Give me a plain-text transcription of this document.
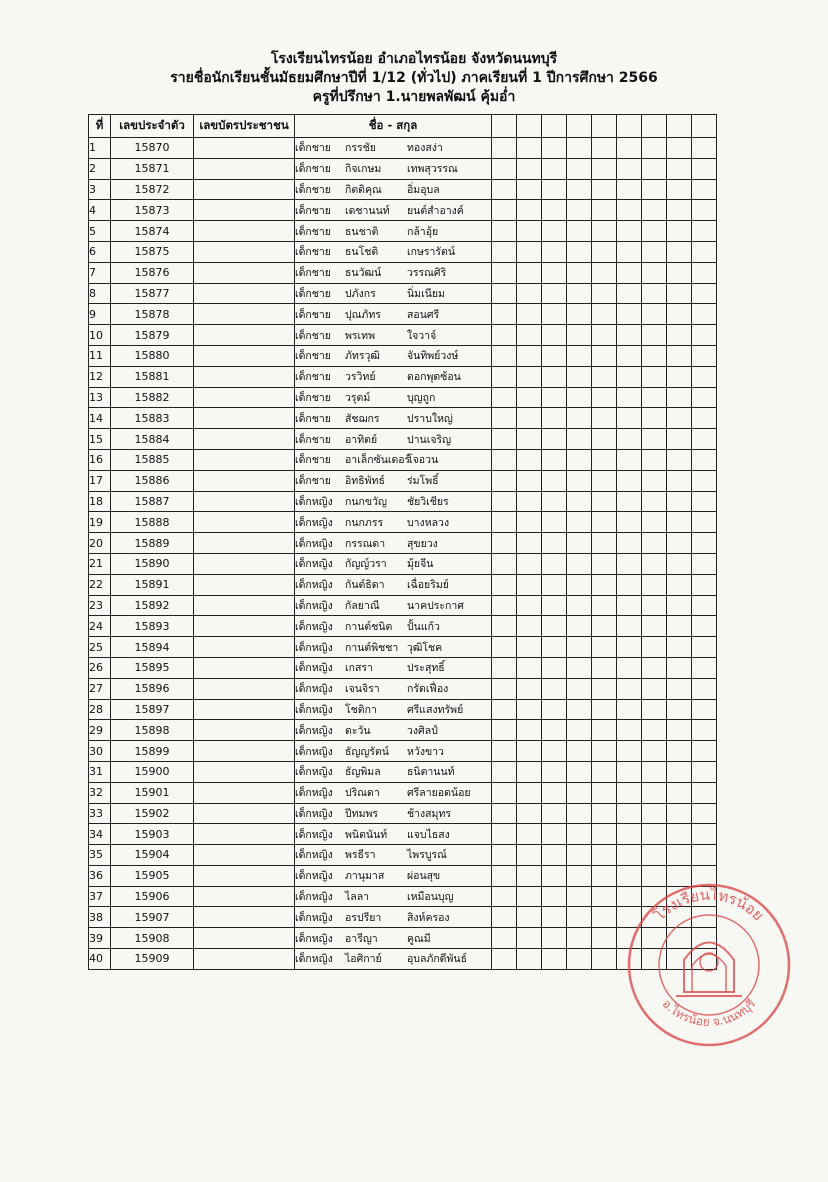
โรงเรียนไทรน้อย อำเภอไทรน้อย จังหวัดนนทบุรี
รายชื่อนักเรียนชั้นมัธยมศึกษาปีที่ 1/12 (ทั่วไป) ภาคเรียนที่ 1 ปีการศึกษา 2566
ครูที่ปรึกษา 1.นายพลพัฒน์ คุ้มอ่ำ
ที่	เลขประจำตัว	เลขบัตรประชาชน	ชื่อ - สกุล									
1	15870		เด็กชาย กรรชัย ทองสง่า									
2	15871		เด็กชาย กิจเกษม เทพสุวรรณ									
3	15872		เด็กชาย กิตติคุณ อิ่มอุบล									
4	15873		เด็กชาย เดชานนท์ ยนต์สำอางค์									
5	15874		เด็กชาย ธนชาติ กล้าอุ้ย									
6	15875		เด็กชาย ธนโชติ เกษรารัตน์									
7	15876		เด็กชาย ธนวัฒน์ วรรณศิริ									
8	15877		เด็กชาย ปภังกร นิ่มเนียม									
9	15878		เด็กชาย ปุณภัทร สอนศรี									
10	15879		เด็กชาย พรเทพ ใจวาจ์									
11	15880		เด็กชาย ภัทรวุฒิ จันทิพย์วงษ์									
12	15881		เด็กชาย วรวิทย์ ดอกพุดซ้อน									
13	15882		เด็กชาย วรุตม์ บุญถูก									
14	15883		เด็กชาย สัชฌกร ปราบใหญ่									
15	15884		เด็กชาย อาทิตย์ ปานเจริญ									
16	15885		เด็กชาย อาเล็กซันเดอร์โจอวน									
17	15886		เด็กชาย อิทธิพัทธ์ ร่มโพธิ์									
18	15887		เด็กหญิง กนกขวัญ ชัยวิเชียร									
19	15888		เด็กหญิง กนกภรร บางหลวง									
20	15889		เด็กหญิง กรรณดา สุขยวง									
21	15890		เด็กหญิง กัญญ์วรา มุ้ยจีน									
22	15891		เด็กหญิง กันต์ธิดา เฉื่อยริมย์									
23	15892		เด็กหญิง กัลยาณี นาคประกาศ									
24	15893		เด็กหญิง กานต์ชนิต ปั้นแก้ว									
25	15894		เด็กหญิง กานต์พิชชา วุฒิโชค									
26	15895		เด็กหญิง เกสรา ประสุทธิ์									
27	15896		เด็กหญิง เจนจิรา กรัดเฟื่อง									
28	15897		เด็กหญิง โชติกา ศรีแสงทรัพย์									
29	15898		เด็กหญิง ตะวัน วงศิลป์									
30	15899		เด็กหญิง ธัญญรัตน์ หวังขาว									
31	15900		เด็กหญิง ธัญพิมล ธนิตานนท์									
32	15901		เด็กหญิง ปริณดา ศรีลายอดน้อย									
33	15902		เด็กหญิง ปีทมพร ช้างสมุทร									
34	15903		เด็กหญิง พนิตนันท์ แจบไธสง									
35	15904		เด็กหญิง พรธีรา ไพรบูรณ์									
36	15905		เด็กหญิง ภานุมาส ผ่อนสุข									
37	15906		เด็กหญิง ไลลา เหมือนบุญ									
38	15907		เด็กหญิง อรปรียา สิงห์ครอง									
39	15908		เด็กหญิง อารีญา คูณมี									
40	15909		เด็กหญิง ไอศิกาย์ อุบลภักดีพันธ์									
โรงเรียนไทรน้อย
อ.ไทรน้อย จ.นนทบุรี
